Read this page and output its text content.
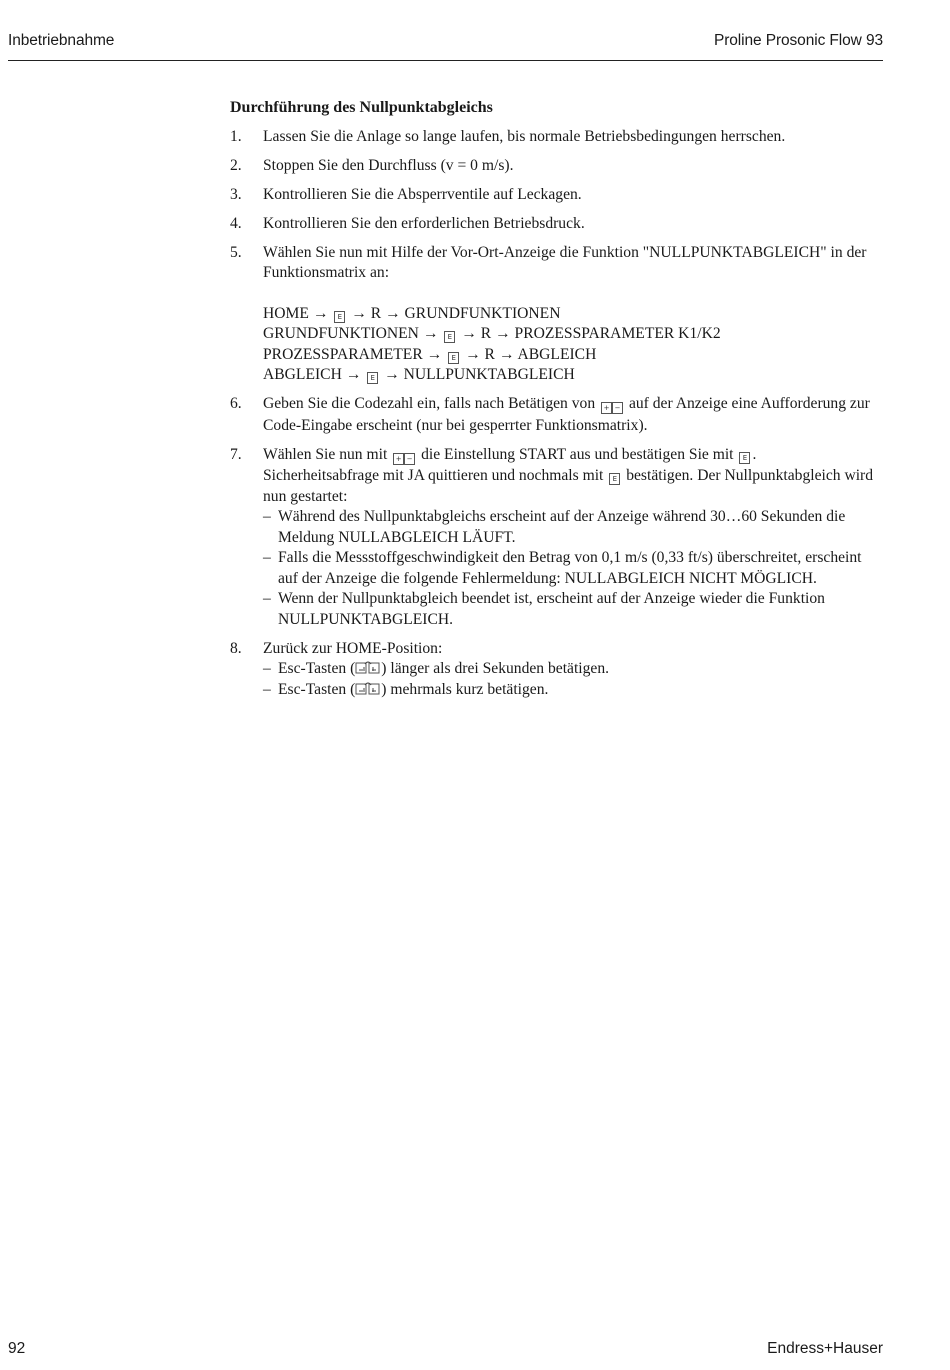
Inbetriebnahme	Proline Prosonic Flow 93
Durchführung des Nullpunktabgleichs
1.	Lassen Sie die Anlage so lange laufen, bis normale Betriebsbedingungen herrschen.
2.	Stoppen Sie den Durchfluss (v = 0 m/s).
3.	Kontrollieren Sie die Absperrventile auf Leckagen.
4.	Kontrollieren Sie den erforderlichen Betriebsdruck.
5.	Wählen Sie nun mit Hilfe der Vor-Ort-Anzeige die Funktion "NULLPUNKTABGLEICH" in der Funktionsmatrix an:
HOME → E → R → GRUNDFUNKTIONEN
GRUNDFUNKTIONEN → E → R → PROZESSPARAMETER K1/K2
PROZESSPARAMETER → E → R → ABGLEICH
ABGLEICH → E → NULLPUNKTABGLEICH
6.	Geben Sie die Codezahl ein, falls nach Betätigen von + − auf der Anzeige eine Aufforderung zur Code-Eingabe erscheint (nur bei gesperrter Funktionsmatrix).
7.	Wählen Sie nun mit + − die Einstellung START aus und bestätigen Sie mit E .
Sicherheitsabfrage mit JA quittieren und nochmals mit E bestätigen. Der Nullpunktabgleich wird nun gestartet:
– Während des Nullpunktabgleichs erscheint auf der Anzeige während 30…60 Sekunden die Meldung NULLABGLEICH LÄUFT.
– Falls die Messstoffgeschwindigkeit den Betrag von 0,1 m/s (0,33 ft/s) überschreitet, erscheint auf der Anzeige die folgende Fehlermeldung: NULLABGLEICH NICHT MÖGLICH.
– Wenn der Nullpunktabgleich beendet ist, erscheint auf der Anzeige wieder die Funktion NULLPUNKTABGLEICH.
8.	Zurück zur HOME-Position:
– Esc-Tasten ( ) länger als drei Sekunden betätigen.
– Esc-Tasten ( ) mehrmals kurz betätigen.
92	Endress+Hauser
